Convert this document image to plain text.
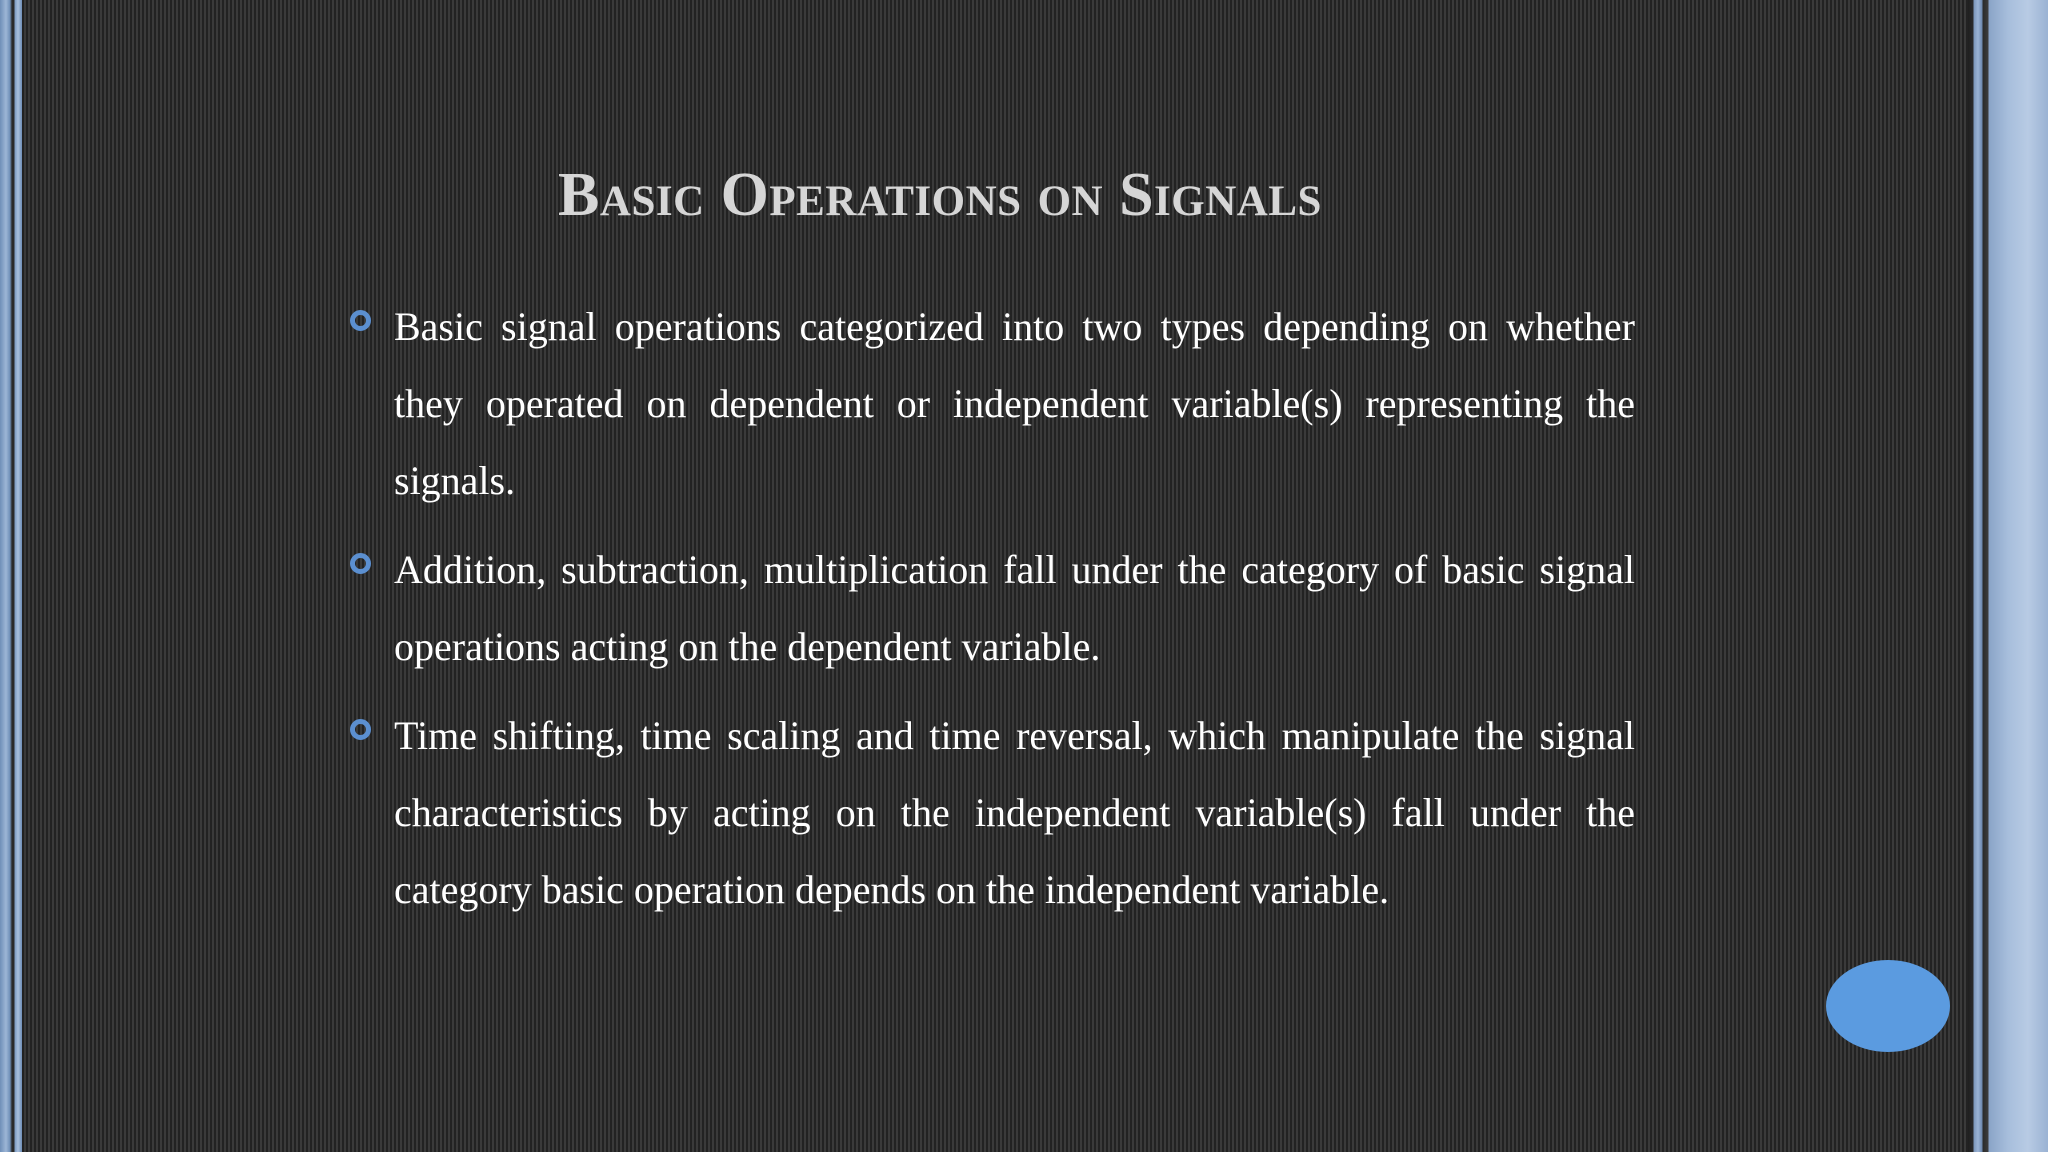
Basic Operations on Signals
Basic signal operations categorized into two types depending on whether they operated on dependent or independent variable(s) representing the signals.
Addition, subtraction, multiplication fall under the category of basic signal operations acting on the dependent variable.
Time shifting, time scaling and time reversal, which manipulate the signal characteristics by acting on the independent variable(s) fall under the category basic operation depends on the independent variable.
